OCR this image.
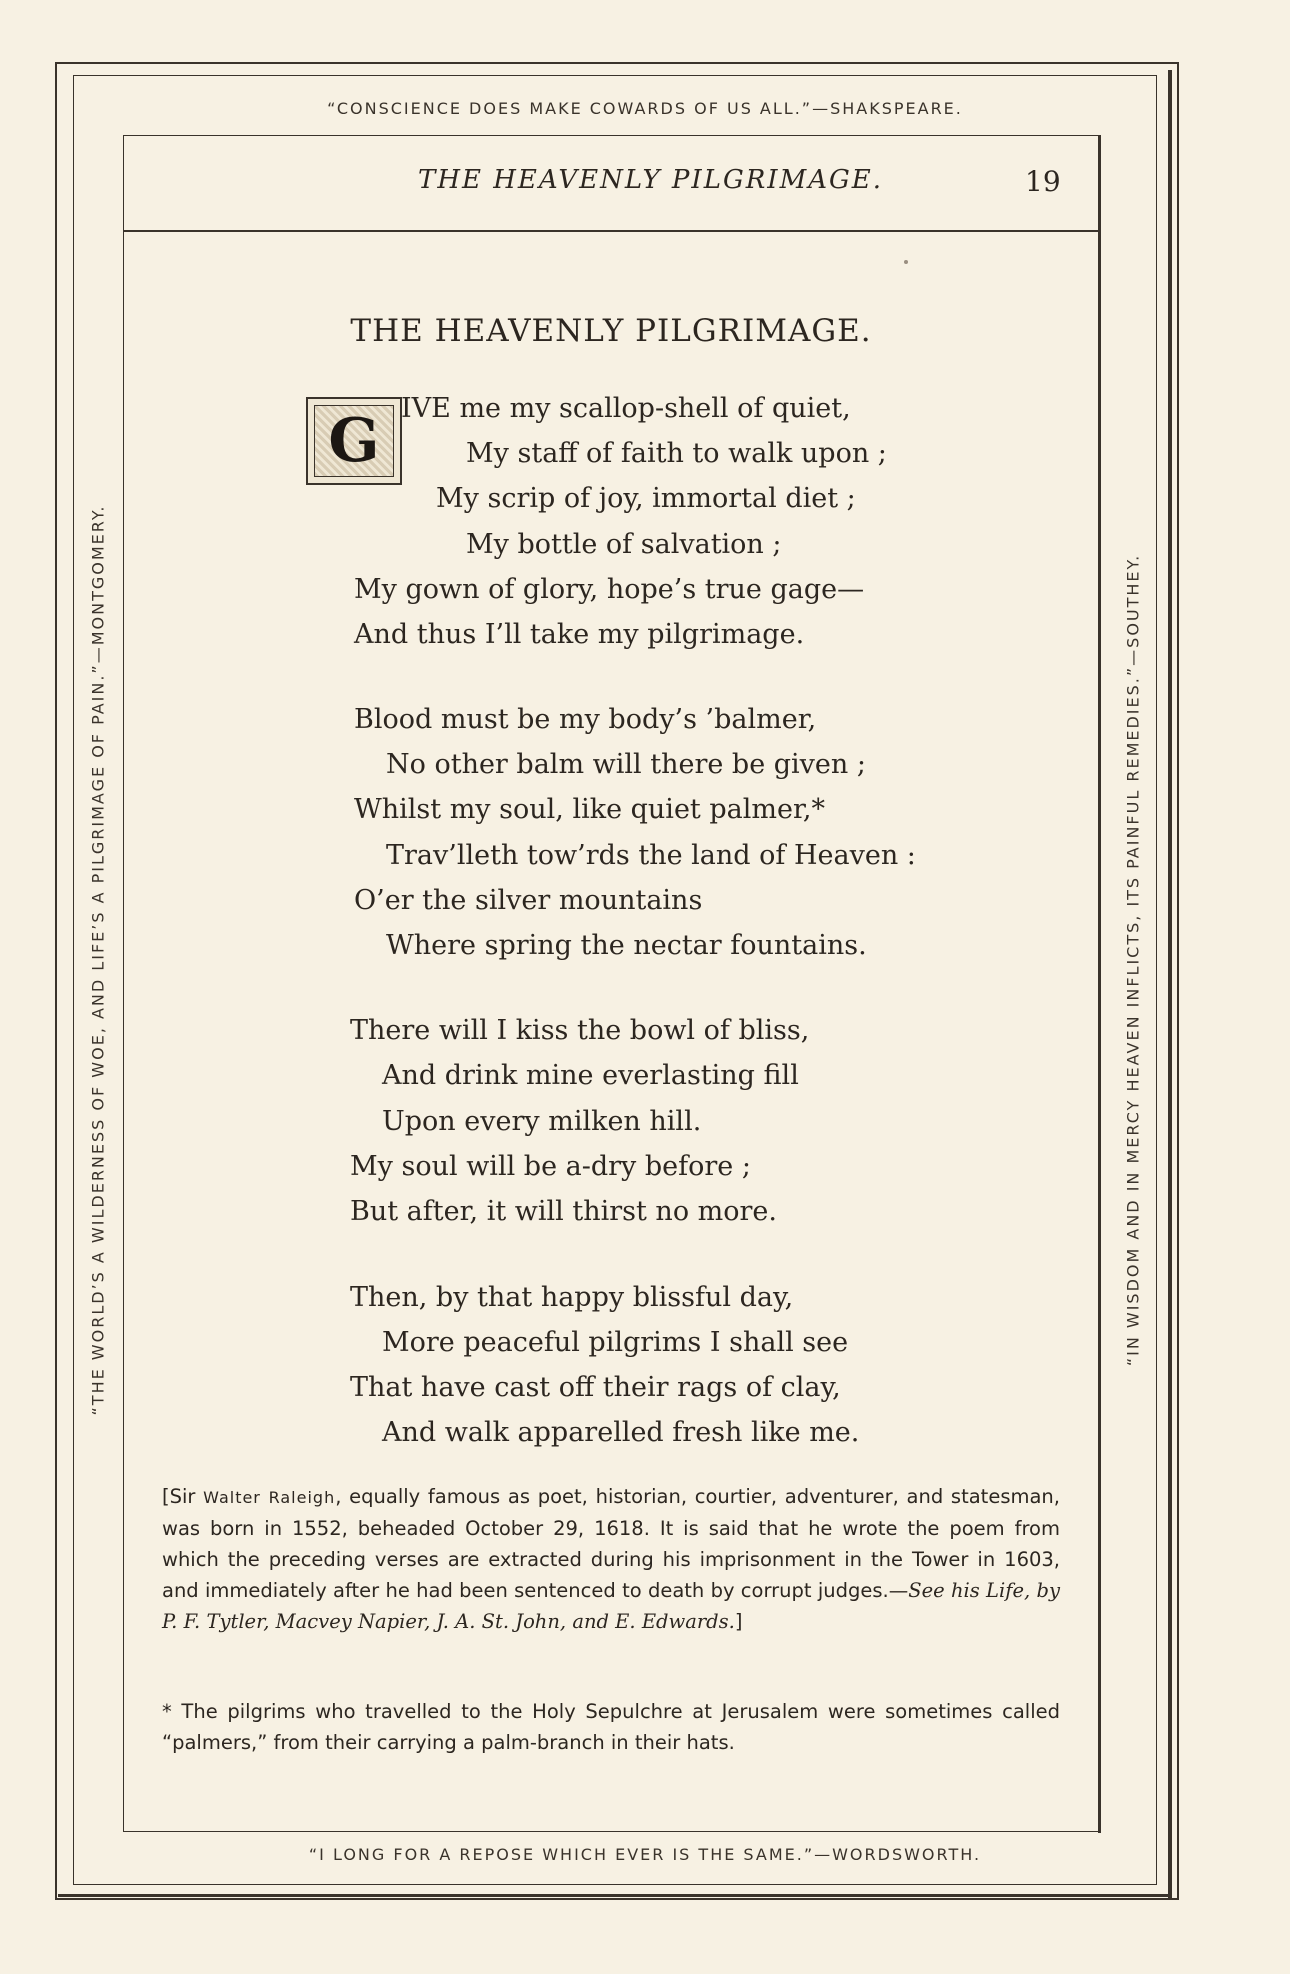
“CONSCIENCE DOES MAKE COWARDS OF US ALL.”—SHAKSPEARE.
“I LONG FOR A REPOSE WHICH EVER IS THE SAME.”—WORDSWORTH.
“THE WORLD’S A WILDERNESS OF WOE, AND LIFE’S A PILGRIMAGE OF PAIN.”—MONTGOMERY.	“IN WISDOM AND IN MERCY HEAVEN INFLICTS, ITS PAINFUL REMEDIES.”—SOUTHEY.
THE HEAVENLY PILGRIMAGE.	19
THE HEAVENLY PILGRIMAGE.
G IVE me my scallop-shell of quiet,
My staff of faith to walk upon ;
My scrip of joy, immortal diet ;
My bottle of salvation ;
My gown of glory, hope’s true gage—
And thus I’ll take my pilgrimage.
Blood must be my body’s ’balmer,
No other balm will there be given ;
Whilst my soul, like quiet palmer,*
Trav’lleth tow’rds the land of Heaven :
O’er the silver mountains
Where spring the nectar fountains.
There will I kiss the bowl of bliss,
And drink mine everlasting fill
Upon every milken hill.
My soul will be a-dry before ;
But after, it will thirst no more.
Then, by that happy blissful day,
More peaceful pilgrims I shall see
That have cast off their rags of clay,
And walk apparelled fresh like me.
[Sir Walter Raleigh, equally famous as poet, historian, courtier, adventurer, and statesman, was born in 1552, beheaded October 29, 1618. It is said that he wrote the poem from which the preceding verses are extracted during his imprisonment in the Tower in 1603, and immediately after he had been sentenced to death by corrupt judges.—See his Life, by P. F. Tytler, Macvey Napier, J. A. St. John, and E. Edwards.]
* The pilgrims who travelled to the Holy Sepulchre at Jerusalem were sometimes called “palmers,” from their carrying a palm-branch in their hats.
